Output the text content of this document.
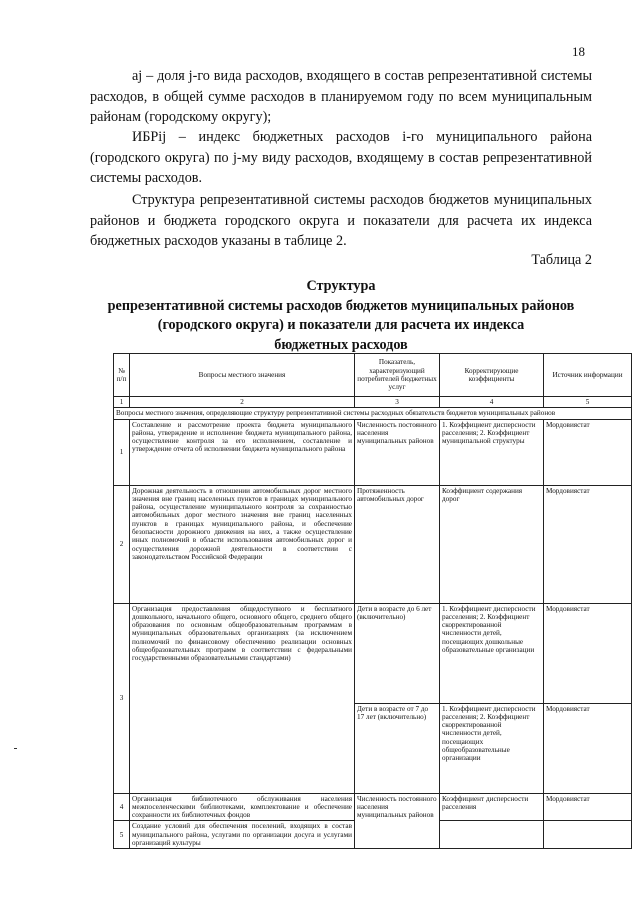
18
aj – доля j-го вида расходов, входящего в состав репрезентативной системы расходов, в общей сумме расходов в планируемом году по всем муниципальным районам (городскому округу);
ИБРij – индекс бюджетных расходов i-го муниципального района (городского округа) по j-му виду расходов, входящему в состав репрезентативной системы расходов.
Структура репрезентативной системы расходов бюджетов муниципальных районов и бюджета городского округа и показатели для расчета их индекса бюджетных расходов указаны в таблице 2.
Таблица 2
Структура
репрезентативной системы расходов бюджетов муниципальных районов
(городского округа) и показатели для расчета их индекса
бюджетных расходов
№ п/п	Вопросы местного значения	Показатель, характеризующий потребителей бюджетных услуг	Корректирующие коэффициенты	Источник информации
1	2	3	4	5
Вопросы местного значения, определяющие структуру репрезентативной системы расходных обязательств бюджетов муниципальных районов				
1	Составление и рассмотрение проекта бюджета муниципального района, утверждение и исполнение бюджета муниципального района, осуществление контроля за его исполнением, составление и утверждение отчета об исполнении бюджета муниципального района	Численность постоянного населения муниципальных районов	1. Коэффициент дисперсности расселения; 2. Коэффициент муниципальной структуры	Мордовиястат
2	Дорожная деятельность в отношении автомобильных дорог местного значения вне границ населенных пунктов в границах муниципального района, осуществление муниципального контроля за сохранностью автомобильных дорог местного значения вне границ населенных пунктов в границах муниципального района, и обеспечение безопасности дорожного движения на них, а также осуществление иных полномочий в области использования автомобильных дорог и осуществления дорожной деятельности в соответствии с законодательством Российской Федерации	Протяженность автомобильных дорог	Коэффициент содержания дорог	Мордовиястат
3	Организация предоставления общедоступного и бесплатного дошкольного, начального общего, основного общего, среднего общего образования по основным общеобразовательным программам в муниципальных образовательных организациях (за исключением полномочий по финансовому обеспечению реализации основных общеобразовательных программ в соответствии с федеральными государственными образовательными стандартами)	Дети в возрасте до 6 лет (включительно)	1. Коэффициент дисперсности расселения; 2. Коэффициент скорректированной численности детей, посещающих дошкольные образовательные организации	Мордовиястат
		Дети в возрасте от 7 до 17 лет (включительно)	1. Коэффициент дисперсности расселения; 2. Коэффициент скорректированной численности детей, посещающих общеобразовательные организации	Мордовиястат
4	Организация библиотечного обслуживания населения межпоселенческими библиотеками, комплектование и обеспечение сохранности их библиотечных фондов	Численность постоянного населения муниципальных районов	Коэффициент дисперсности расселения	Мордовиястат
5	Создание условий для обеспечения поселений, входящих в состав муниципального района, услугами по организации досуга и услугами организаций культуры			
